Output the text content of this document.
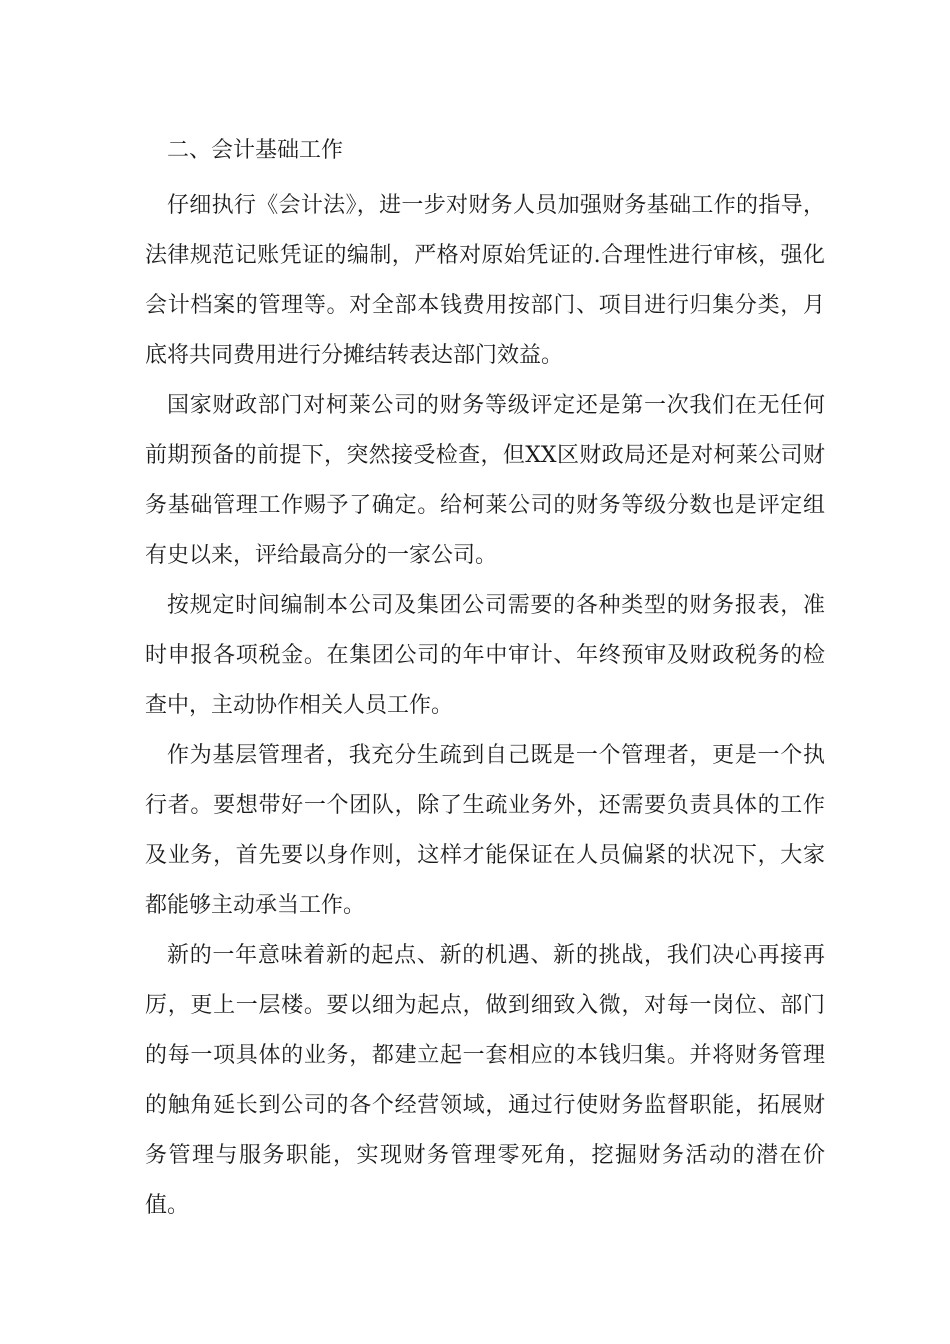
二、会计基础工作

仔细执行《会计法》，进一步对财务人员加强财务基础工作的指导，法律规范记账凭证的编制，严格对原始凭证的.合理性进行审核，强化会计档案的管理等。对全部本钱费用按部门、项目进行归集分类，月底将共同费用进行分摊结转表达部门效益。

国家财政部门对柯莱公司的财务等级评定还是第一次我们在无任何前期预备的前提下，突然接受检查，但XX区财政局还是对柯莱公司财务基础管理工作赐予了确定。给柯莱公司的财务等级分数也是评定组有史以来，评给最高分的一家公司。

按规定时间编制本公司及集团公司需要的各种类型的财务报表，准时申报各项税金。在集团公司的年中审计、年终预审及财政税务的检查中，主动协作相关人员工作。

作为基层管理者，我充分生疏到自己既是一个管理者，更是一个执行者。要想带好一个团队，除了生疏业务外，还需要负责具体的工作及业务，首先要以身作则，这样才能保证在人员偏紧的状况下，大家都能够主动承当工作。

新的一年意味着新的起点、新的机遇、新的挑战，我们决心再接再厉，更上一层楼。要以细为起点，做到细致入微，对每一岗位、部门的每一项具体的业务，都建立起一套相应的本钱归集。并将财务管理的触角延长到公司的各个经营领域，通过行使财务监督职能，拓展财务管理与服务职能，实现财务管理零死角，挖掘财务活动的潜在价值。
